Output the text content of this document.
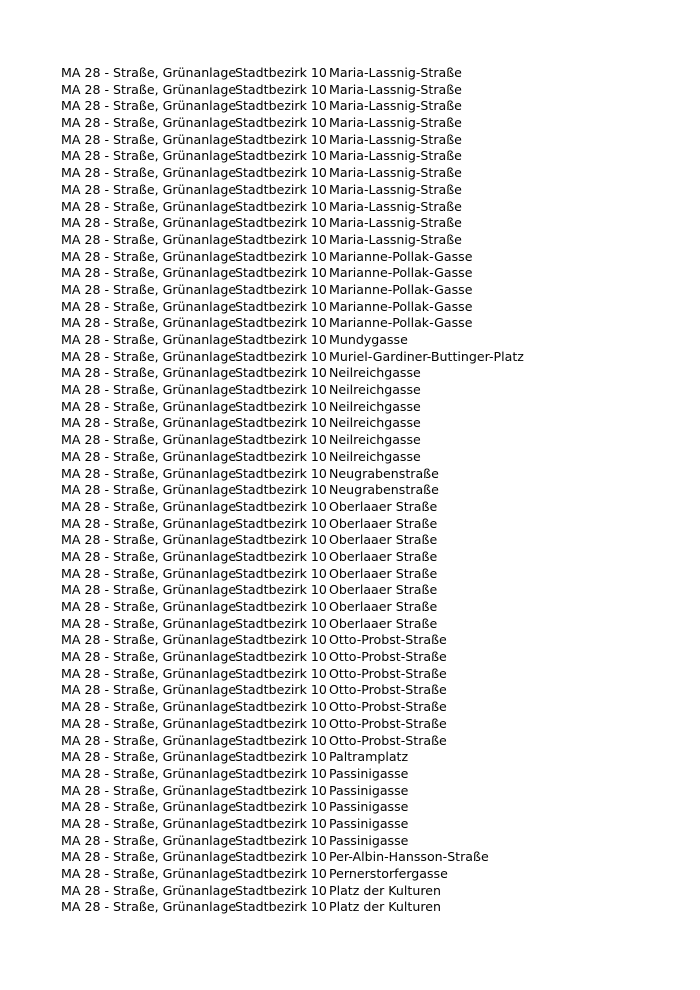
MA 28 - Straße, Grünanlage
Stadtbezirk 10 Maria-Lassnig-Straße
MA 28 - Straße, Grünanlage
Stadtbezirk 10 Maria-Lassnig-Straße
MA 28 - Straße, Grünanlage
Stadtbezirk 10 Maria-Lassnig-Straße
MA 28 - Straße, Grünanlage
Stadtbezirk 10 Maria-Lassnig-Straße
MA 28 - Straße, Grünanlage
Stadtbezirk 10 Maria-Lassnig-Straße
MA 28 - Straße, Grünanlage
Stadtbezirk 10 Maria-Lassnig-Straße
MA 28 - Straße, Grünanlage
Stadtbezirk 10 Maria-Lassnig-Straße
MA 28 - Straße, Grünanlage
Stadtbezirk 10 Maria-Lassnig-Straße
MA 28 - Straße, Grünanlage
Stadtbezirk 10 Maria-Lassnig-Straße
MA 28 - Straße, Grünanlage
Stadtbezirk 10 Maria-Lassnig-Straße
MA 28 - Straße, Grünanlage
Stadtbezirk 10 Maria-Lassnig-Straße
MA 28 - Straße, Grünanlage
Stadtbezirk 10 Marianne-Pollak-Gasse
MA 28 - Straße, Grünanlage
Stadtbezirk 10 Marianne-Pollak-Gasse
MA 28 - Straße, Grünanlage
Stadtbezirk 10 Marianne-Pollak-Gasse
MA 28 - Straße, Grünanlage
Stadtbezirk 10 Marianne-Pollak-Gasse
MA 28 - Straße, Grünanlage
Stadtbezirk 10 Marianne-Pollak-Gasse
MA 28 - Straße, Grünanlage
Stadtbezirk 10 Mundygasse
MA 28 - Straße, Grünanlage
Stadtbezirk 10 Muriel-Gardiner-Buttinger-Platz
MA 28 - Straße, Grünanlage
Stadtbezirk 10 Neilreichgasse
MA 28 - Straße, Grünanlage
Stadtbezirk 10 Neilreichgasse
MA 28 - Straße, Grünanlage
Stadtbezirk 10 Neilreichgasse
MA 28 - Straße, Grünanlage
Stadtbezirk 10 Neilreichgasse
MA 28 - Straße, Grünanlage
Stadtbezirk 10 Neilreichgasse
MA 28 - Straße, Grünanlage
Stadtbezirk 10 Neilreichgasse
MA 28 - Straße, Grünanlage
Stadtbezirk 10 Neugrabenstraße
MA 28 - Straße, Grünanlage
Stadtbezirk 10 Neugrabenstraße
MA 28 - Straße, Grünanlage
Stadtbezirk 10 Oberlaaer Straße
MA 28 - Straße, Grünanlage
Stadtbezirk 10 Oberlaaer Straße
MA 28 - Straße, Grünanlage
Stadtbezirk 10 Oberlaaer Straße
MA 28 - Straße, Grünanlage
Stadtbezirk 10 Oberlaaer Straße
MA 28 - Straße, Grünanlage
Stadtbezirk 10 Oberlaaer Straße
MA 28 - Straße, Grünanlage
Stadtbezirk 10 Oberlaaer Straße
MA 28 - Straße, Grünanlage
Stadtbezirk 10 Oberlaaer Straße
MA 28 - Straße, Grünanlage
Stadtbezirk 10 Oberlaaer Straße
MA 28 - Straße, Grünanlage
Stadtbezirk 10 Otto-Probst-Straße
MA 28 - Straße, Grünanlage
Stadtbezirk 10 Otto-Probst-Straße
MA 28 - Straße, Grünanlage
Stadtbezirk 10 Otto-Probst-Straße
MA 28 - Straße, Grünanlage
Stadtbezirk 10 Otto-Probst-Straße
MA 28 - Straße, Grünanlage
Stadtbezirk 10 Otto-Probst-Straße
MA 28 - Straße, Grünanlage
Stadtbezirk 10 Otto-Probst-Straße
MA 28 - Straße, Grünanlage
Stadtbezirk 10 Otto-Probst-Straße
MA 28 - Straße, Grünanlage
Stadtbezirk 10 Paltramplatz
MA 28 - Straße, Grünanlage
Stadtbezirk 10 Passinigasse
MA 28 - Straße, Grünanlage
Stadtbezirk 10 Passinigasse
MA 28 - Straße, Grünanlage
Stadtbezirk 10 Passinigasse
MA 28 - Straße, Grünanlage
Stadtbezirk 10 Passinigasse
MA 28 - Straße, Grünanlage
Stadtbezirk 10 Passinigasse
MA 28 - Straße, Grünanlage
Stadtbezirk 10 Per-Albin-Hansson-Straße
MA 28 - Straße, Grünanlage
Stadtbezirk 10 Pernerstorfergasse
MA 28 - Straße, Grünanlage
Stadtbezirk 10 Platz der Kulturen
MA 28 - Straße, Grünanlage
Stadtbezirk 10 Platz der Kulturen
